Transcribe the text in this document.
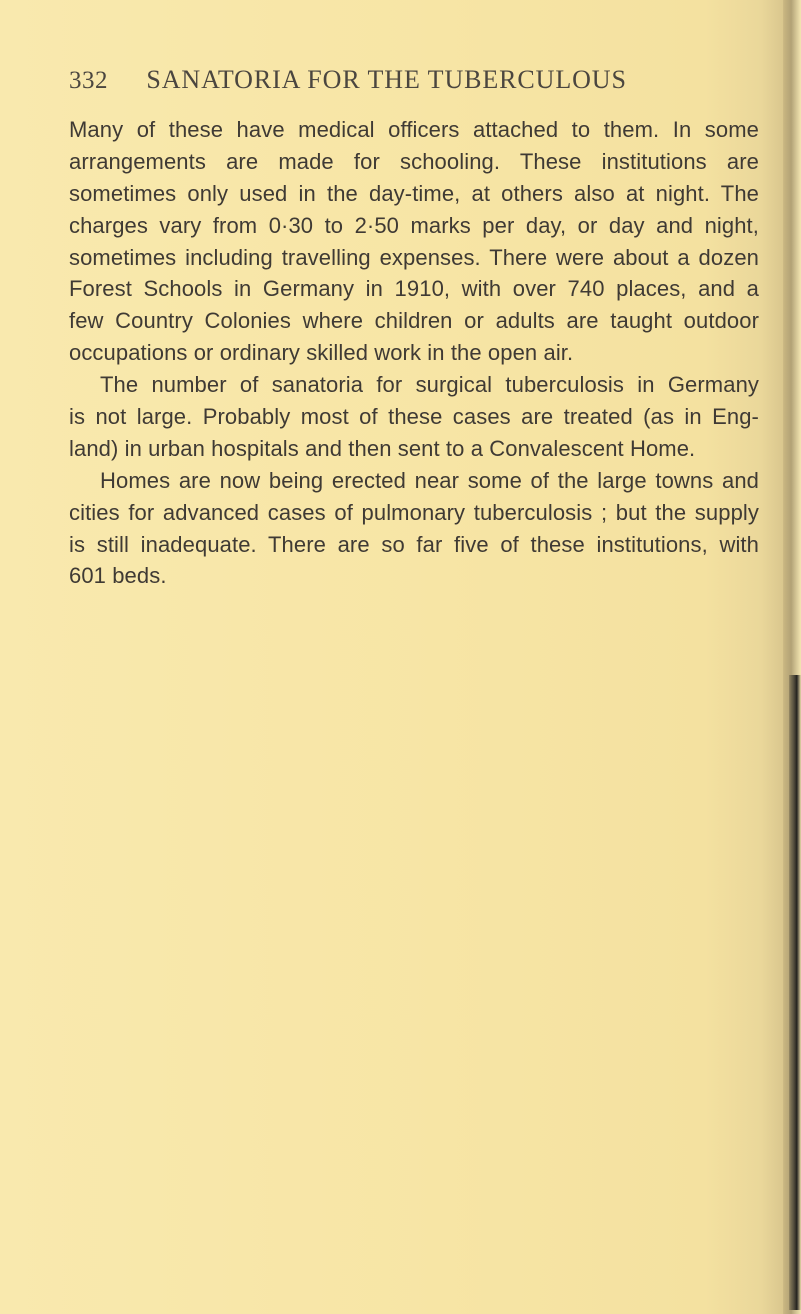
332 SANATORIA FOR THE TUBERCULOUS
Many of these have medical officers attached to them. In some
arrangements are made for schooling. These institutions are
sometimes only used in the day-time, at others also at night. The
charges vary from 0·30 to 2·50 marks per day, or day and night,
sometimes including travelling expenses. There were about a dozen
Forest Schools in Germany in 1910, with over 740 places, and a
few Country Colonies where children or adults are taught outdoor
occupations or ordinary skilled work in the open air.
The number of sanatoria for surgical tuberculosis in Germany
is not large. Probably most of these cases are treated (as in Eng-
land) in urban hospitals and then sent to a Convalescent Home.
Homes are now being erected near some of the large towns and
cities for advanced cases of pulmonary tuberculosis ; but the supply
is still inadequate. There are so far five of these institutions, with
601 beds.
